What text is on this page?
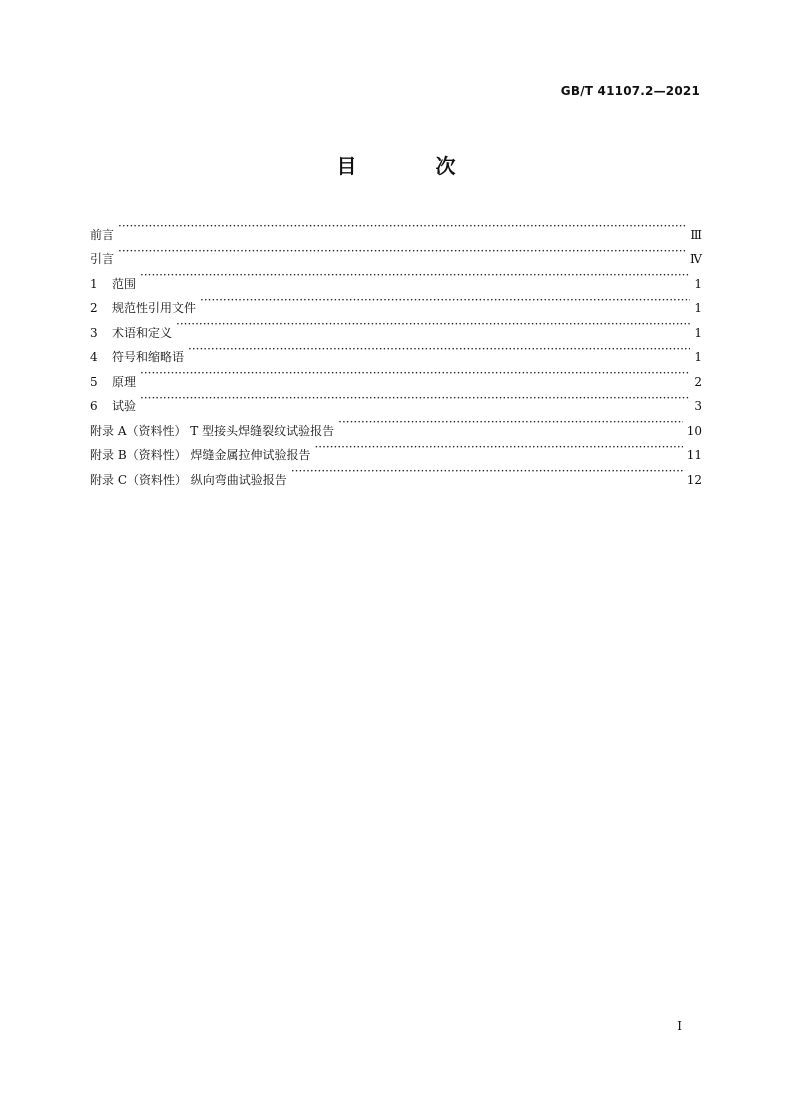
GB/T 41107.2—2021
目 次
前言 ·····	Ⅲ
引言 ·····	Ⅳ
1	范围 ·····	1
2	规范性引用文件 ·····	1
3	术语和定义 ·····	1
4	符号和缩略语 ·····	1
5	原理 ·····	2
6	试验 ·····	3
附录 A（资料性） T 型接头焊缝裂纹试验报告 ·····	10
附录 B（资料性） 焊缝金属拉伸试验报告 ·····	11
附录 C（资料性） 纵向弯曲试验报告 ·····	12
Ⅰ
